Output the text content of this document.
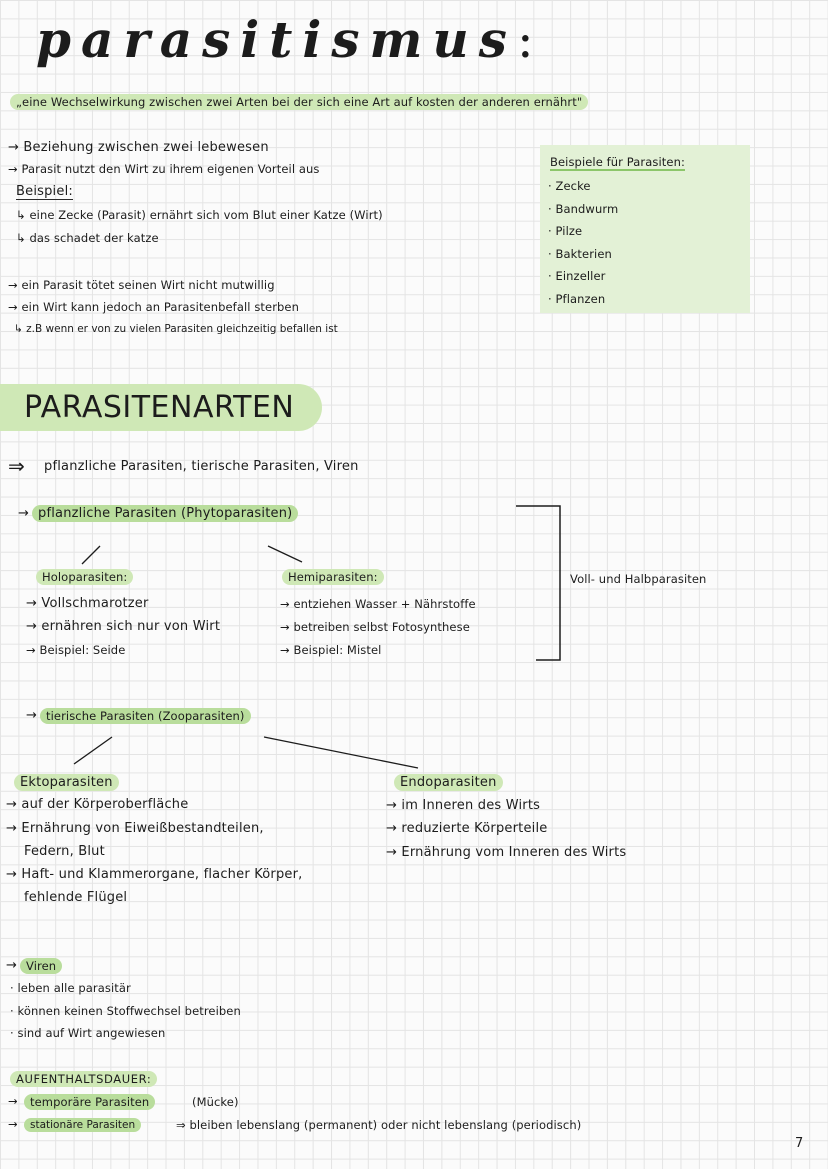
parasitismus:
„eine Wechselwirkung zwischen zwei Arten bei der sich eine Art auf kosten der anderen ernährt"
→ Beziehung zwischen zwei lebewesen
→ Parasit nutzt den Wirt zu ihrem eigenen Vorteil aus
Beispiel:
↳ eine Zecke (Parasit) ernährt sich vom Blut einer Katze (Wirt)
↳ das schadet der katze
Beispiele für Parasiten:
· Zecke
· Bandwurm
· Pilze
· Bakterien
· Einzeller
· Pflanzen
→ ein Parasit tötet seinen Wirt nicht mutwillig
→ ein Wirt kann jedoch an Parasitenbefall sterben
↳ z.B wenn er von zu vielen Parasiten gleichzeitig befallen ist
PARASITENARTEN
⇒ pflanzliche Parasiten, tierische Parasiten, Viren
→ pflanzliche Parasiten (Phytoparasiten)
Holoparasiten:
→ Vollschmarotzer
→ ernähren sich nur von Wirt
→ Beispiel: Seide
Hemiparasiten:
→ entziehen Wasser + Nährstoffe
→ betreiben selbst Fotosynthese
→ Beispiel: Mistel
Voll- und Halbparasiten
→ tierische Parasiten (Zooparasiten)
Ektoparasiten
→ auf der Körperoberfläche
→ Ernährung von Eiweißbestandteilen,
Federn, Blut
→ Haft- und Klammerorgane, flacher Körper,
fehlende Flügel
Endoparasiten
→ im Inneren des Wirts
→ reduzierte Körperteile
→ Ernährung vom Inneren des Wirts
→ Viren
· leben alle parasitär
· können keinen Stoffwechsel betreiben
· sind auf Wirt angewiesen
AUFENTHALTSDAUER:
→	temporäre Parasiten	(Mücke)
→	stationäre Parasiten	⇒ bleiben lebenslang (permanent) oder nicht lebenslang (periodisch)
7
